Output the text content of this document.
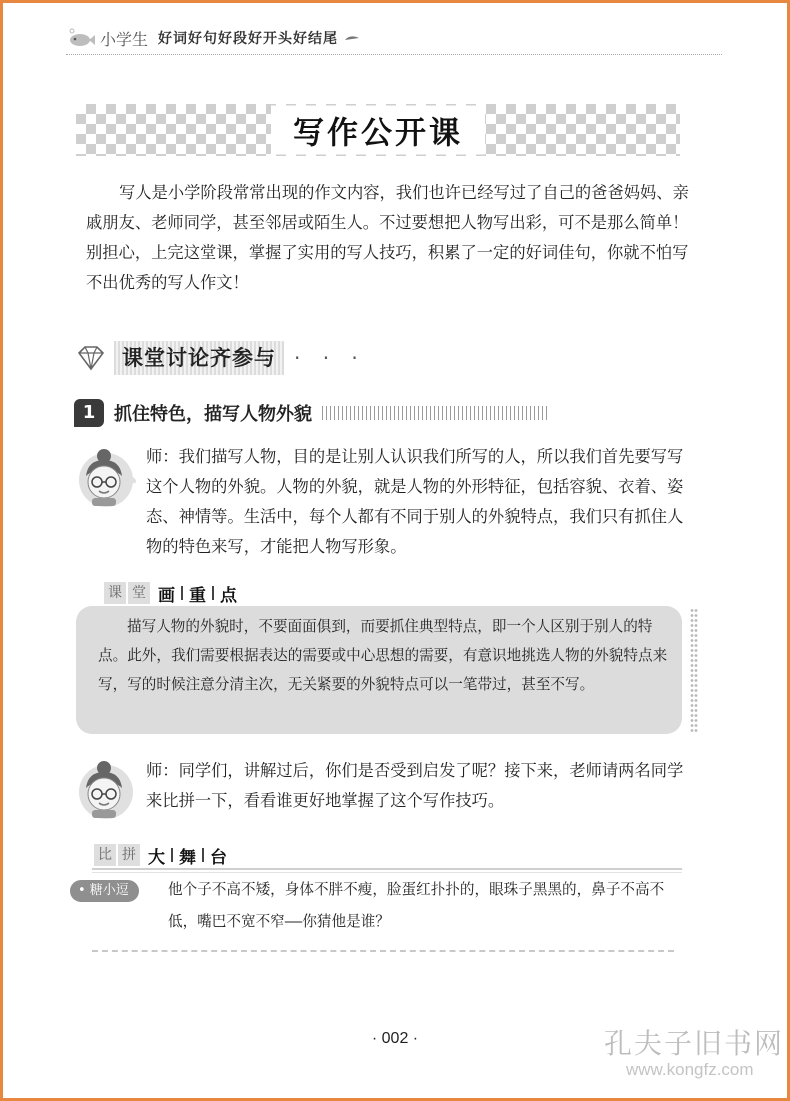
小学生 好词好句好段好开头好结尾
写作公开课

写人是小学阶段常常出现的作文内容，我们也许已经写过了自己的爸爸妈妈、亲戚朋友、老师同学，甚至邻居或陌生人。不过要想把人物写出彩，可不是那么简单！别担心，上完这堂课，掌握了实用的写人技巧，积累了一定的好词佳句，你就不怕写不出优秀的写人作文！

课堂讨论齐参与 · · ·
1	抓住特色，描写人物外貌

师：我们描写人物，目的是让别人认识我们所写的人，所以我们首先要写写这个人物的外貌。人物的外貌，就是人物的外形特征，包括容貌、衣着、姿态、神情等。生活中，每个人都有不同于别人的外貌特点，我们只有抓住人物的特色来写，才能把人物写形象。

课 堂 画 重 点

描写人物的外貌时，不要面面俱到，而要抓住典型特点，即一个人区别于别人的特点。此外，我们需要根据表达的需要或中心思想的需要，有意识地挑选人物的外貌特点来写，写的时候注意分清主次，无关紧要的外貌特点可以一笔带过，甚至不写。

师：同学们，讲解过后，你们是否受到启发了呢？接下来，老师请两名同学来比拼一下，看看谁更好地掌握了这个写作技巧。

比 拼 大 舞 台
• 糖小逗	他个子不高不矮，身体不胖不瘦，脸蛋红扑扑的，眼珠子黑黑的，鼻子不高不低，嘴巴不宽不窄——你猜他是谁？

· 002 ·	孔夫子旧书网
www.kongfz.com
